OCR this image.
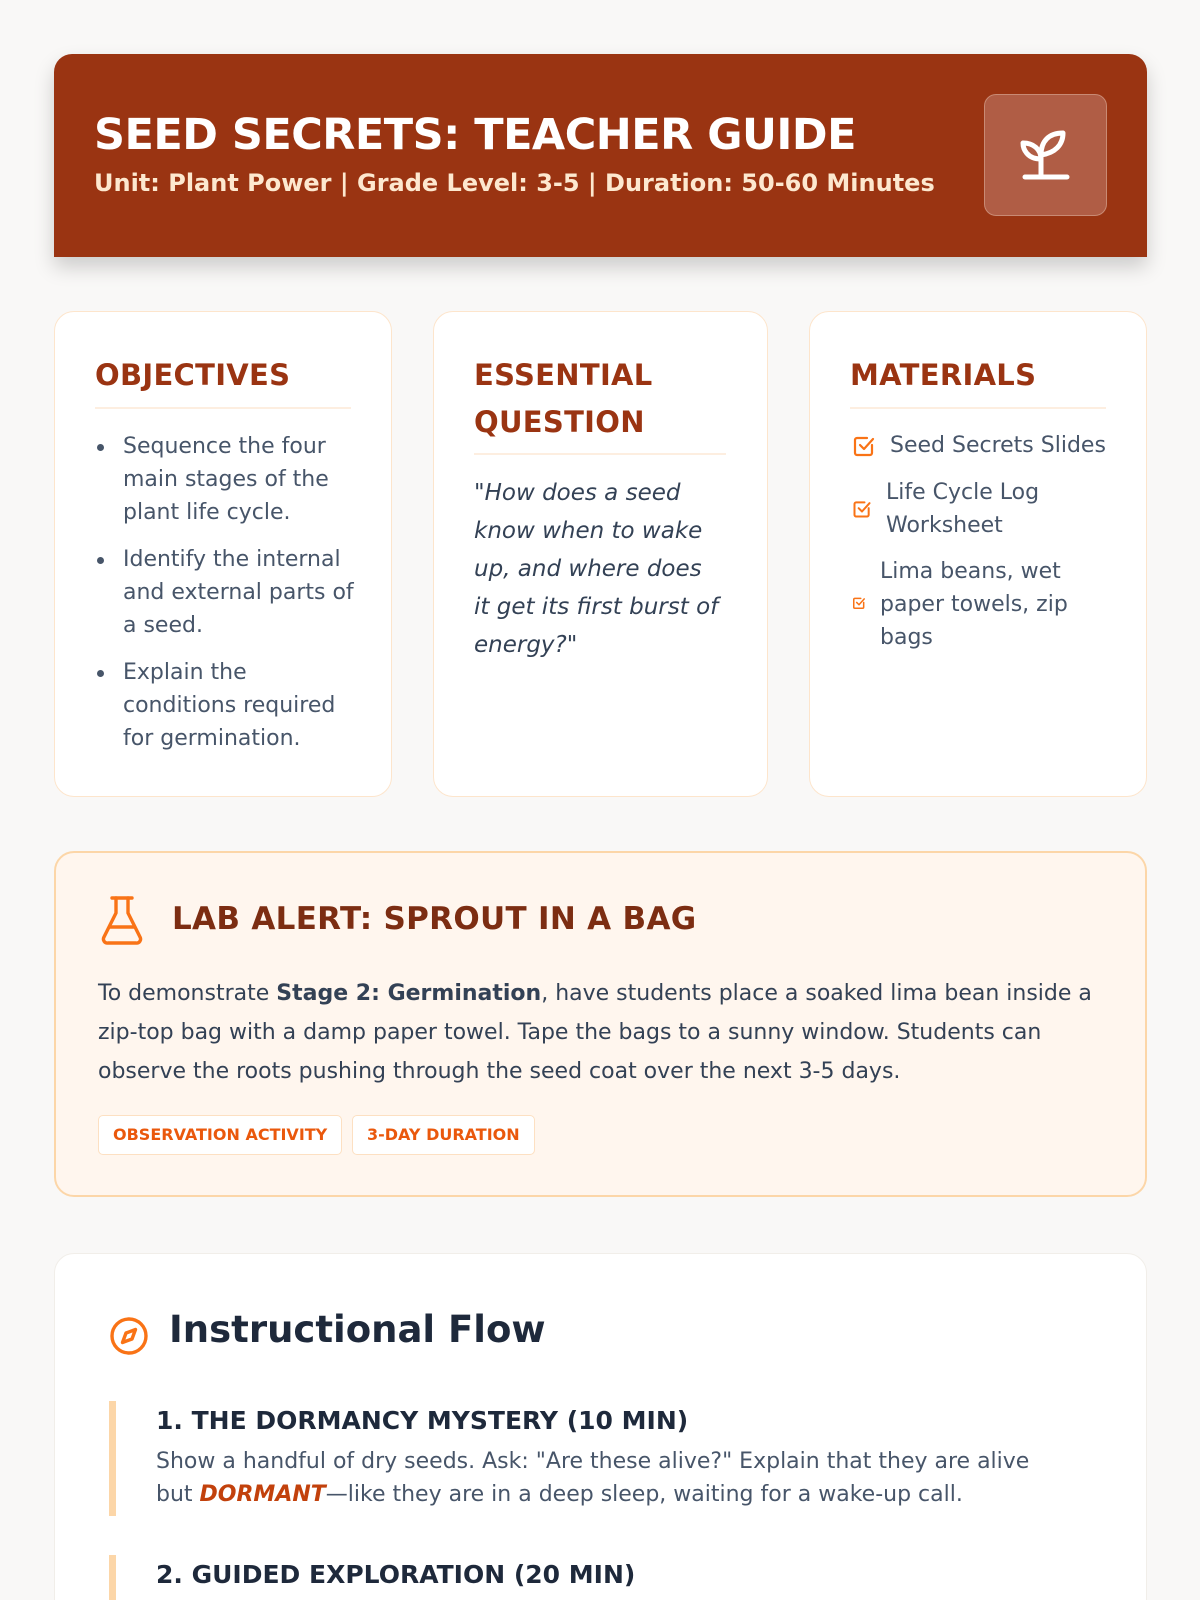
SEED SECRETS: TEACHER GUIDE
Unit: Plant Power | Grade Level: 3-5 | Duration: 50-60 Minutes
OBJECTIVES
Sequence the four main stages of the plant life cycle.
Identify the internal and external parts of a seed.
Explain the conditions required for germination.
ESSENTIAL
QUESTION
"How does a seed know when to wake up, and where does it get its first burst of energy?"
MATERIALS
Seed Secrets Slides
Life Cycle Log Worksheet
Lima beans, wet paper towels, zip bags
LAB ALERT: SPROUT IN A BAG
To demonstrate Stage 2: Germination, have students place a soaked lima bean inside a zip-top bag with a damp paper towel. Tape the bags to a sunny window. Students can observe the roots pushing through the seed coat over the next 3-5 days.
OBSERVATION ACTIVITY	3-DAY DURATION
Instructional Flow
1. THE DORMANCY MYSTERY (10 MIN)
Show a handful of dry seeds. Ask: "Are these alive?" Explain that they are alive but DORMANT—like they are in a deep sleep, waiting for a wake-up call.
2. GUIDED EXPLORATION (20 MIN)
